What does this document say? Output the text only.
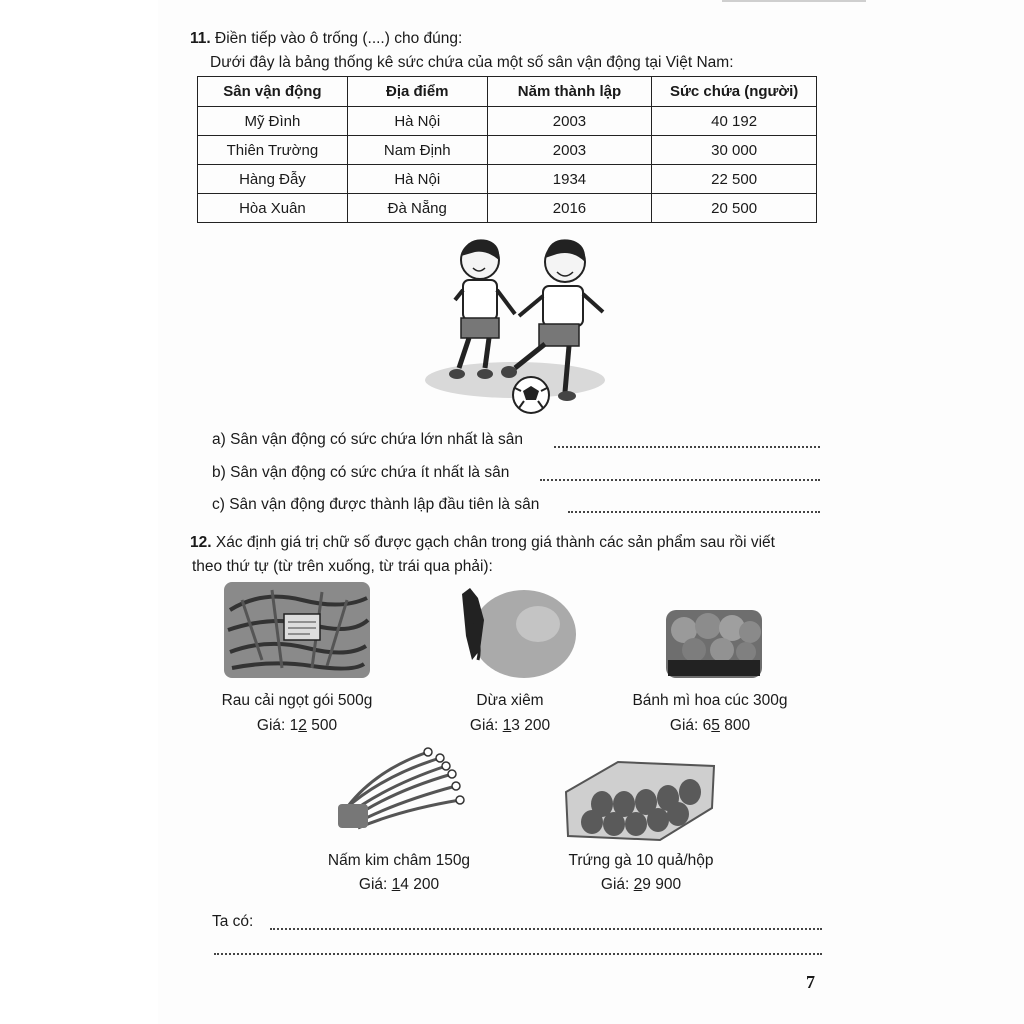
11. Điền tiếp vào ô trống (....) cho đúng:
Dưới đây là bảng thống kê sức chứa của một số sân vận động tại Việt Nam:
Sân vận động	Địa điểm	Năm thành lập	Sức chứa (người)
Mỹ Đình	Hà Nội	2003	40 192
Thiên Trường	Nam Định	2003	30 000
Hàng Đẫy	Hà Nội	1934	22 500
Hòa Xuân	Đà Nẵng	2016	20 500
a) Sân vận động có sức chứa lớn nhất là sân
b) Sân vận động có sức chứa ít nhất là sân
c) Sân vận động được thành lập đầu tiên là sân
12. Xác định giá trị chữ số được gạch chân trong giá thành các sản phẩm sau rồi viết
theo thứ tự (từ trên xuống, từ trái qua phải):
Rau cải ngọt gói 500g
Giá: 12 500
Dừa xiêm
Giá: 13 200
Bánh mì hoa cúc 300g
Giá: 65 800
Nấm kim châm 150g
Giá: 14 200
Trứng gà 10 quả/hộp
Giá: 29 900
Ta có:
7
